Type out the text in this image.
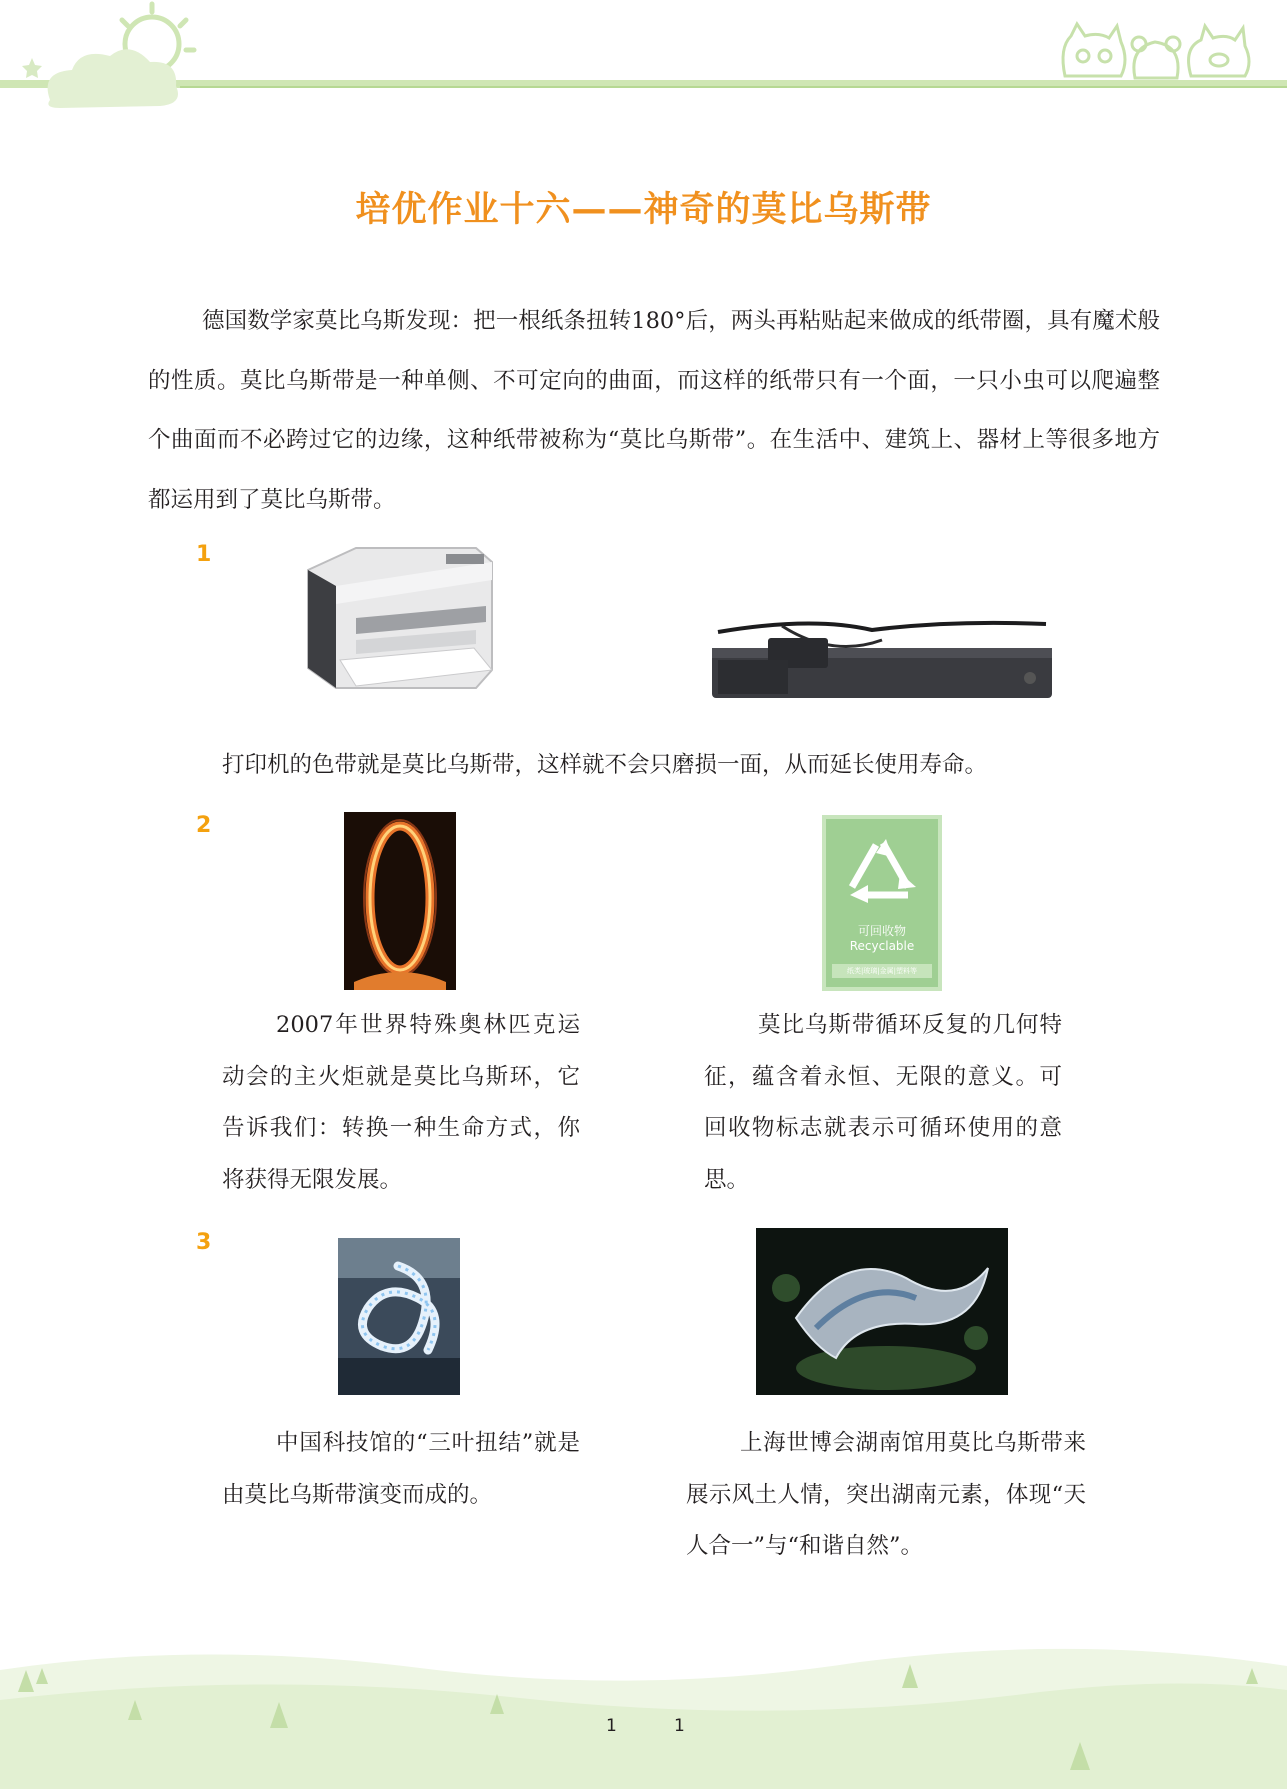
培优作业十六——神奇的莫比乌斯带

德国数学家莫比乌斯发现：把一根纸条扭转180°后，两头再粘贴起来做成的纸带圈，具有魔术般的性质。莫比乌斯带是一种单侧、不可定向的曲面，而这样的纸带只有一个面，一只小虫可以爬遍整个曲面而不必跨过它的边缘，这种纸带被称为“莫比乌斯带”。在生活中、建筑上、器材上等很多地方都运用到了莫比乌斯带。

1

打印机的色带就是莫比乌斯带，这样就不会只磨损一面，从而延长使用寿命。

2
可回收物
Recyclable
纸类|玻璃|金属|塑料等

2007年世界特殊奥林匹克运动会的主火炬就是莫比乌斯环，它告诉我们：转换一种生命方式，你将获得无限发展。

莫比乌斯带循环反复的几何特征，蕴含着永恒、无限的意义。可回收物标志就表示可循环使用的意思。

3

中国科技馆的“三叶扭结”就是由莫比乌斯带演变而成的。

上海世博会湖南馆用莫比乌斯带来展示风土人情，突出湖南元素，体现“天人合一”与“和谐自然”。

1	1
